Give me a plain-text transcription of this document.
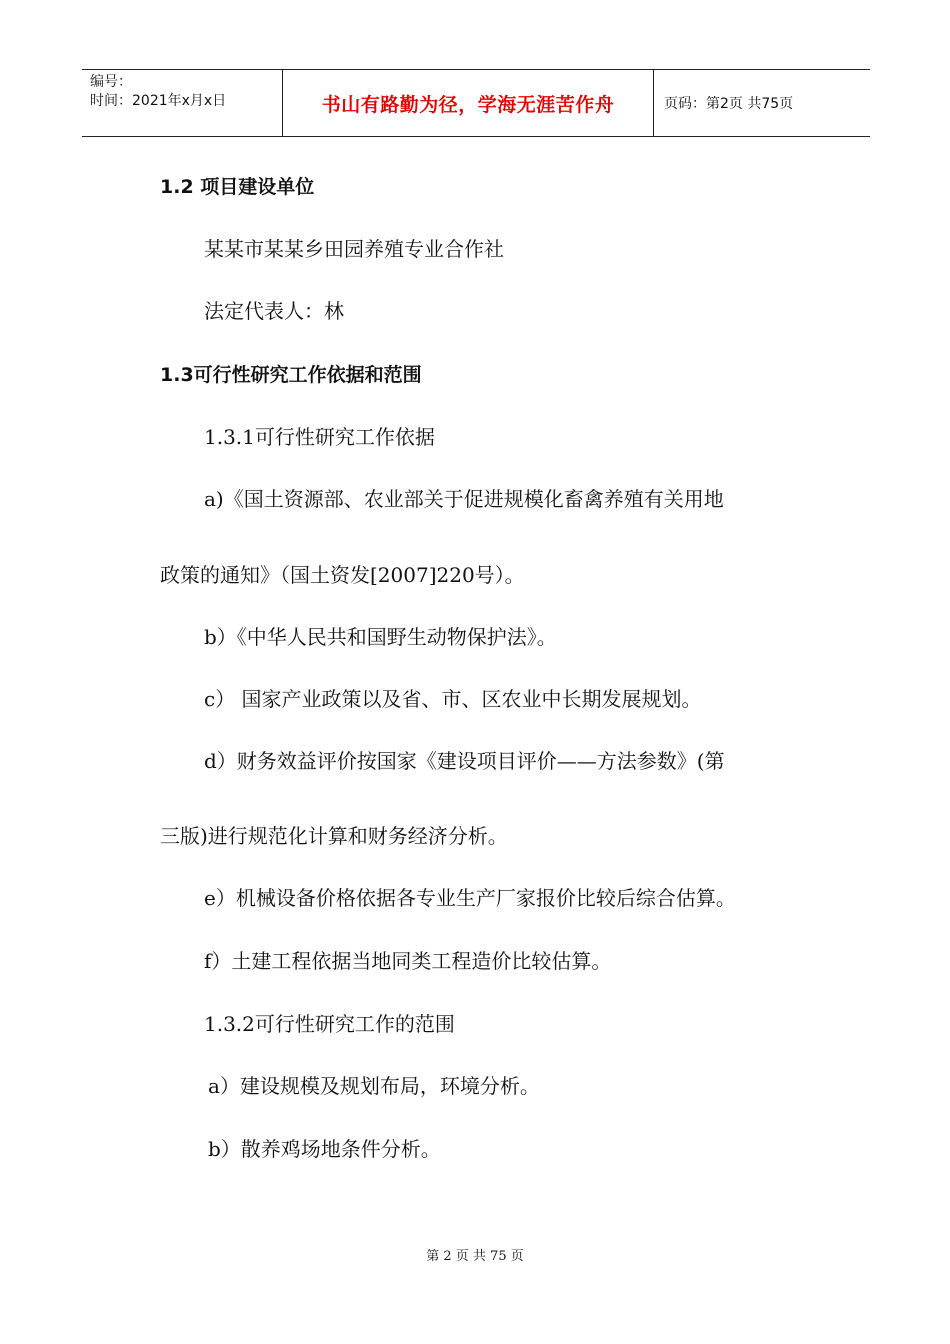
编号：
时间：2021年x月x日	书山有路勤为径，学海无涯苦作舟	页码：第2页 共75页
1.2 项目建设单位
某某市某某乡田园养殖专业合作社
法定代表人：林
1.3可行性研究工作依据和范围
1.3.1可行性研究工作依据
a)《国土资源部、农业部关于促进规模化畜禽养殖有关用地
政策的通知》（国土资发[2007]220号）。
b）《中华人民共和国野生动物保护法》。
c） 国家产业政策以及省、市、区农业中长期发展规划。
d）财务效益评价按国家《建设项目评价——方法参数》(第
三版)进行规范化计算和财务经济分析。
e）机械设备价格依据各专业生产厂家报价比较后综合估算。
f）土建工程依据当地同类工程造价比较估算。
1.3.2可行性研究工作的范围
a）建设规模及规划布局，环境分析。
b）散养鸡场地条件分析。
第 2 页 共 75 页
